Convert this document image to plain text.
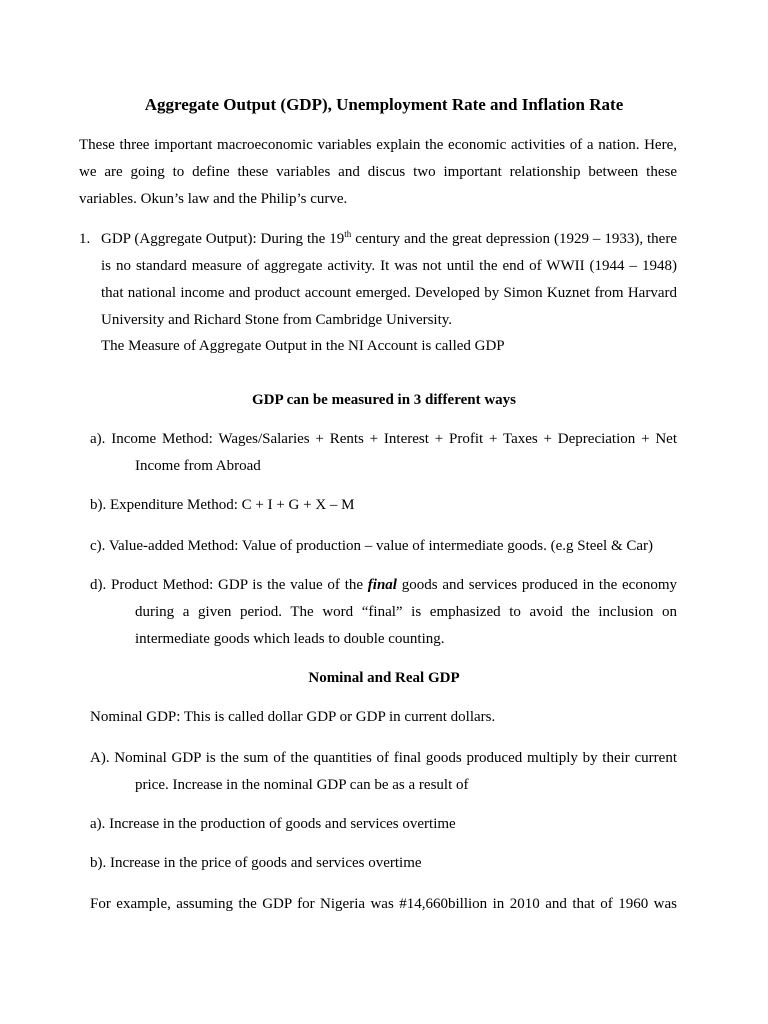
Aggregate Output (GDP), Unemployment Rate and Inflation Rate

These three important macroeconomic variables explain the economic activities of a nation. Here, we are going to define these variables and discus two important relationship between these variables. Okun’s law and the Philip’s curve.

1. GDP (Aggregate Output): During the 19th century and the great depression (1929 – 1933), there is no standard measure of aggregate activity. It was not until the end of WWII (1944 – 1948) that national income and product account emerged. Developed by Simon Kuznet from Harvard University and Richard Stone from Cambridge University.

The Measure of Aggregate Output in the NI Account is called GDP

GDP can be measured in 3 different ways

a). Income Method: Wages/Salaries + Rents + Interest + Profit + Taxes + Depreciation + Net Income from Abroad

b). Expenditure Method: C + I + G + X – M

c). Value-added Method: Value of production – value of intermediate goods. (e.g Steel & Car)

d). Product Method: GDP is the value of the final goods and services produced in the economy during a given period. The word “final” is emphasized to avoid the inclusion on intermediate goods which leads to double counting.

Nominal and Real GDP

Nominal GDP: This is called dollar GDP or GDP in current dollars.

A). Nominal GDP is the sum of the quantities of final goods produced multiply by their current price. Increase in the nominal GDP can be as a result of

a). Increase in the production of goods and services overtime

b). Increase in the price of goods and services overtime

For example, assuming the GDP for Nigeria was #14,660billion in 2010 and that of 1960 was
